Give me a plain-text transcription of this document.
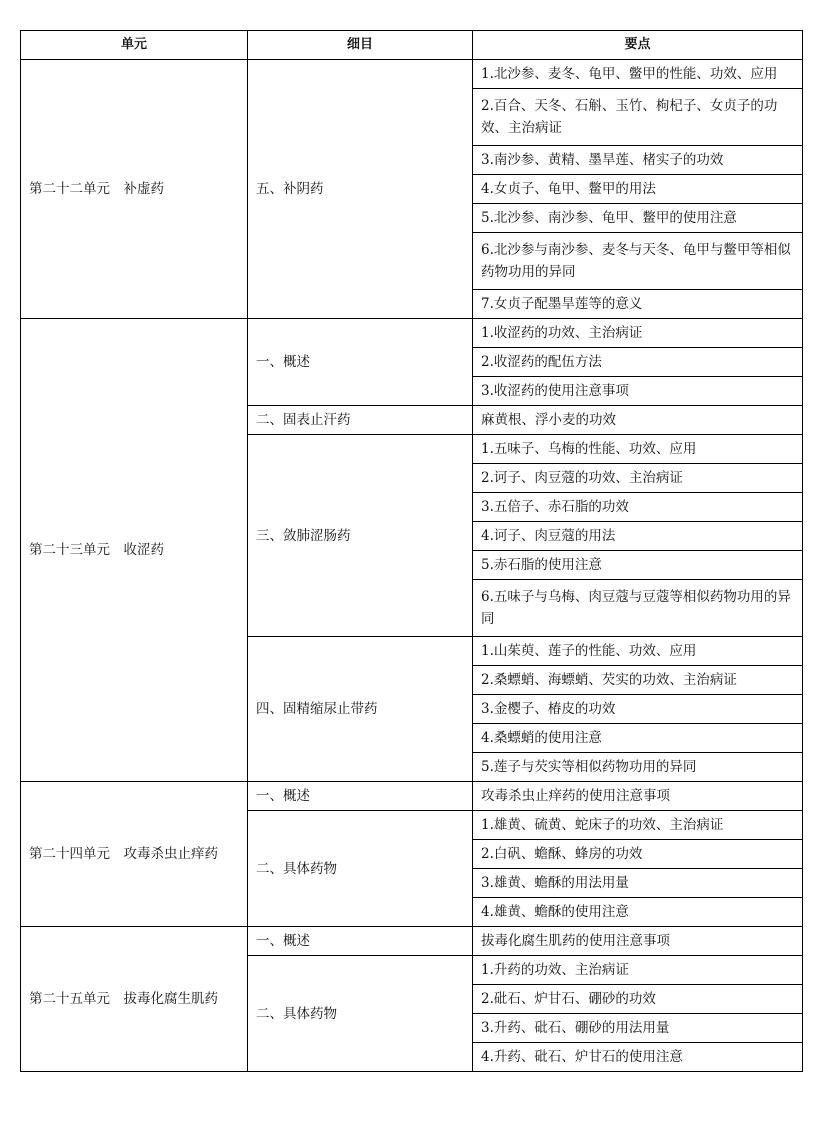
单元	细目	要点
第二十二单元　补虚药	五、补阴药	1.北沙参、麦冬、龟甲、鳖甲的性能、功效、应用
		2.百合、天冬、石斛、玉竹、枸杞子、女贞子的功效、主治病证
		3.南沙参、黄精、墨旱莲、楮实子的功效
		4.女贞子、龟甲、鳖甲的用法
		5.北沙参、南沙参、龟甲、鳖甲的使用注意
		6.北沙参与南沙参、麦冬与天冬、龟甲与鳖甲等相似药物功用的异同
		7.女贞子配墨旱莲等的意义
第二十三单元　收涩药	一、概述	1.收涩药的功效、主治病证
		2.收涩药的配伍方法
		3.收涩药的使用注意事项
	二、固表止汗药	麻黄根、浮小麦的功效
	三、敛肺涩肠药	1.五味子、乌梅的性能、功效、应用
		2.诃子、肉豆蔻的功效、主治病证
		3.五倍子、赤石脂的功效
		4.诃子、肉豆蔻的用法
		5.赤石脂的使用注意
		6.五味子与乌梅、肉豆蔻与豆蔻等相似药物功用的异同
	四、固精缩尿止带药	1.山茱萸、莲子的性能、功效、应用
		2.桑螵蛸、海螵蛸、芡实的功效、主治病证
		3.金樱子、椿皮的功效
		4.桑螵蛸的使用注意
		5.莲子与芡实等相似药物功用的异同
第二十四单元　攻毒杀虫止痒药	一、概述	攻毒杀虫止痒药的使用注意事项
	二、具体药物	1.雄黄、硫黄、蛇床子的功效、主治病证
		2.白矾、蟾酥、蜂房的功效
		3.雄黄、蟾酥的用法用量
		4.雄黄、蟾酥的使用注意
第二十五单元　拔毒化腐生肌药	一、概述	拔毒化腐生肌药的使用注意事项
	二、具体药物	1.升药的功效、主治病证
		2.砒石、炉甘石、硼砂的功效
		3.升药、砒石、硼砂的用法用量
		4.升药、砒石、炉甘石的使用注意
